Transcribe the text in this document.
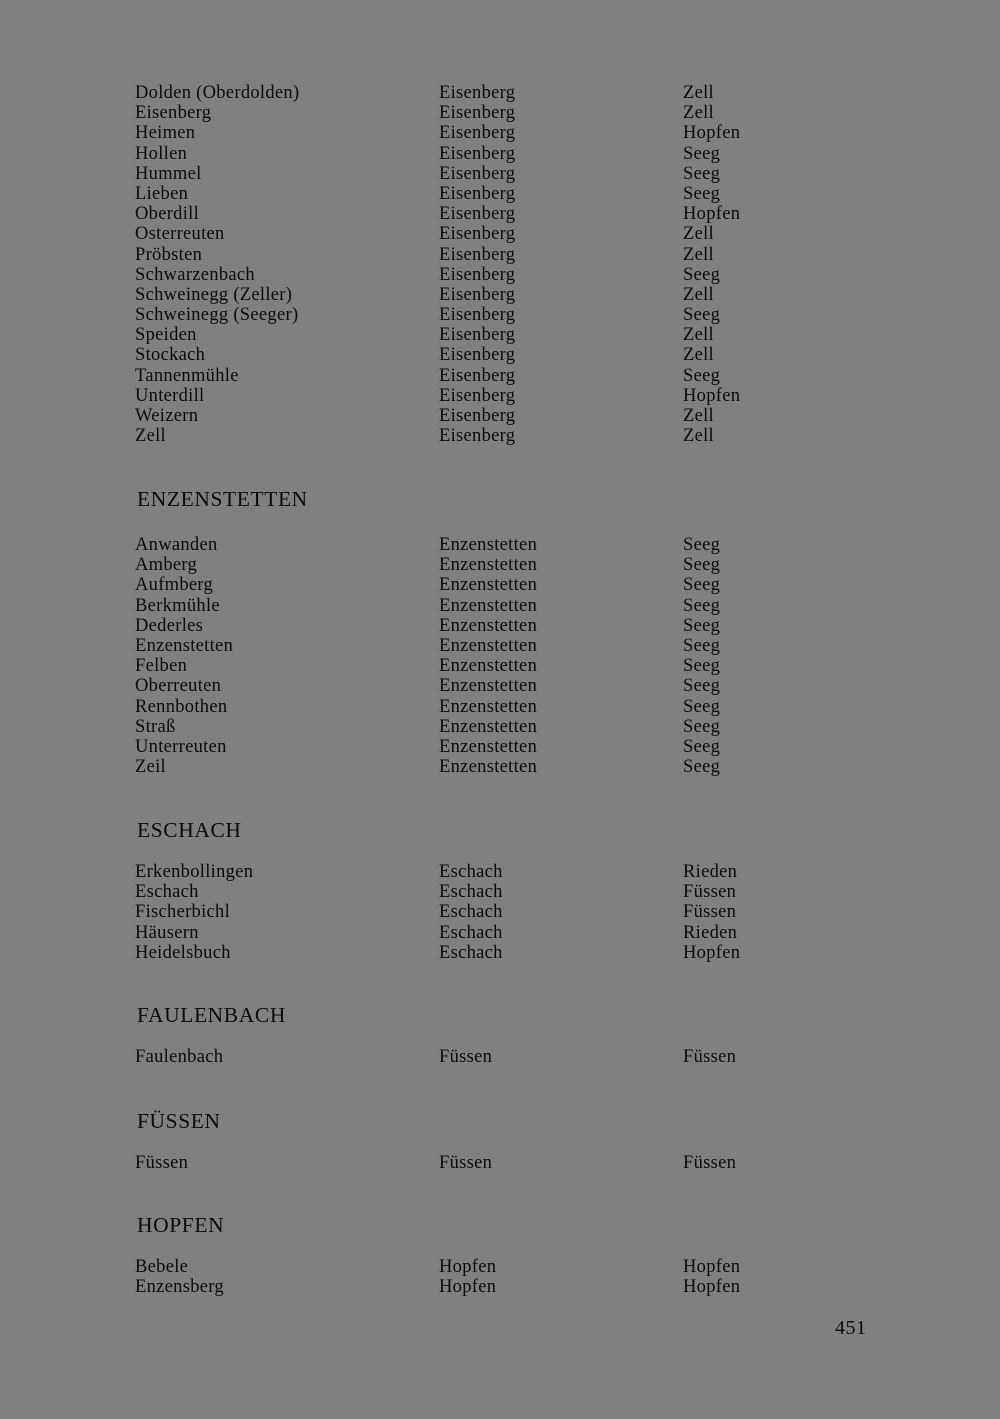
Dolden (Oberdolden)	Eisenberg	Zell
Eisenberg	Eisenberg	Zell
Heimen	Eisenberg	Hopfen
Hollen	Eisenberg	Seeg
Hummel	Eisenberg	Seeg
Lieben	Eisenberg	Seeg
Oberdill	Eisenberg	Hopfen
Osterreuten	Eisenberg	Zell
Pröbsten	Eisenberg	Zell
Schwarzenbach	Eisenberg	Seeg
Schweinegg (Zeller)	Eisenberg	Zell
Schweinegg (Seeger)	Eisenberg	Seeg
Speiden	Eisenberg	Zell
Stockach	Eisenberg	Zell
Tannenmühle	Eisenberg	Seeg
Unterdill	Eisenberg	Hopfen
Weizern	Eisenberg	Zell
Zell	Eisenberg	Zell
ENZENSTETTEN
Anwanden	Enzenstetten	Seeg
Amberg	Enzenstetten	Seeg
Aufmberg	Enzenstetten	Seeg
Berkmühle	Enzenstetten	Seeg
Dederles	Enzenstetten	Seeg
Enzenstetten	Enzenstetten	Seeg
Felben	Enzenstetten	Seeg
Oberreuten	Enzenstetten	Seeg
Rennbothen	Enzenstetten	Seeg
Straß	Enzenstetten	Seeg
Unterreuten	Enzenstetten	Seeg
Zeil	Enzenstetten	Seeg
ESCHACH
Erkenbollingen	Eschach	Rieden
Eschach	Eschach	Füssen
Fischerbichl	Eschach	Füssen
Häusern	Eschach	Rieden
Heidelsbuch	Eschach	Hopfen
FAULENBACH
Faulenbach	Füssen	Füssen
FÜSSEN
Füssen	Füssen	Füssen
HOPFEN
Bebele	Hopfen	Hopfen
Enzensberg	Hopfen	Hopfen
451
